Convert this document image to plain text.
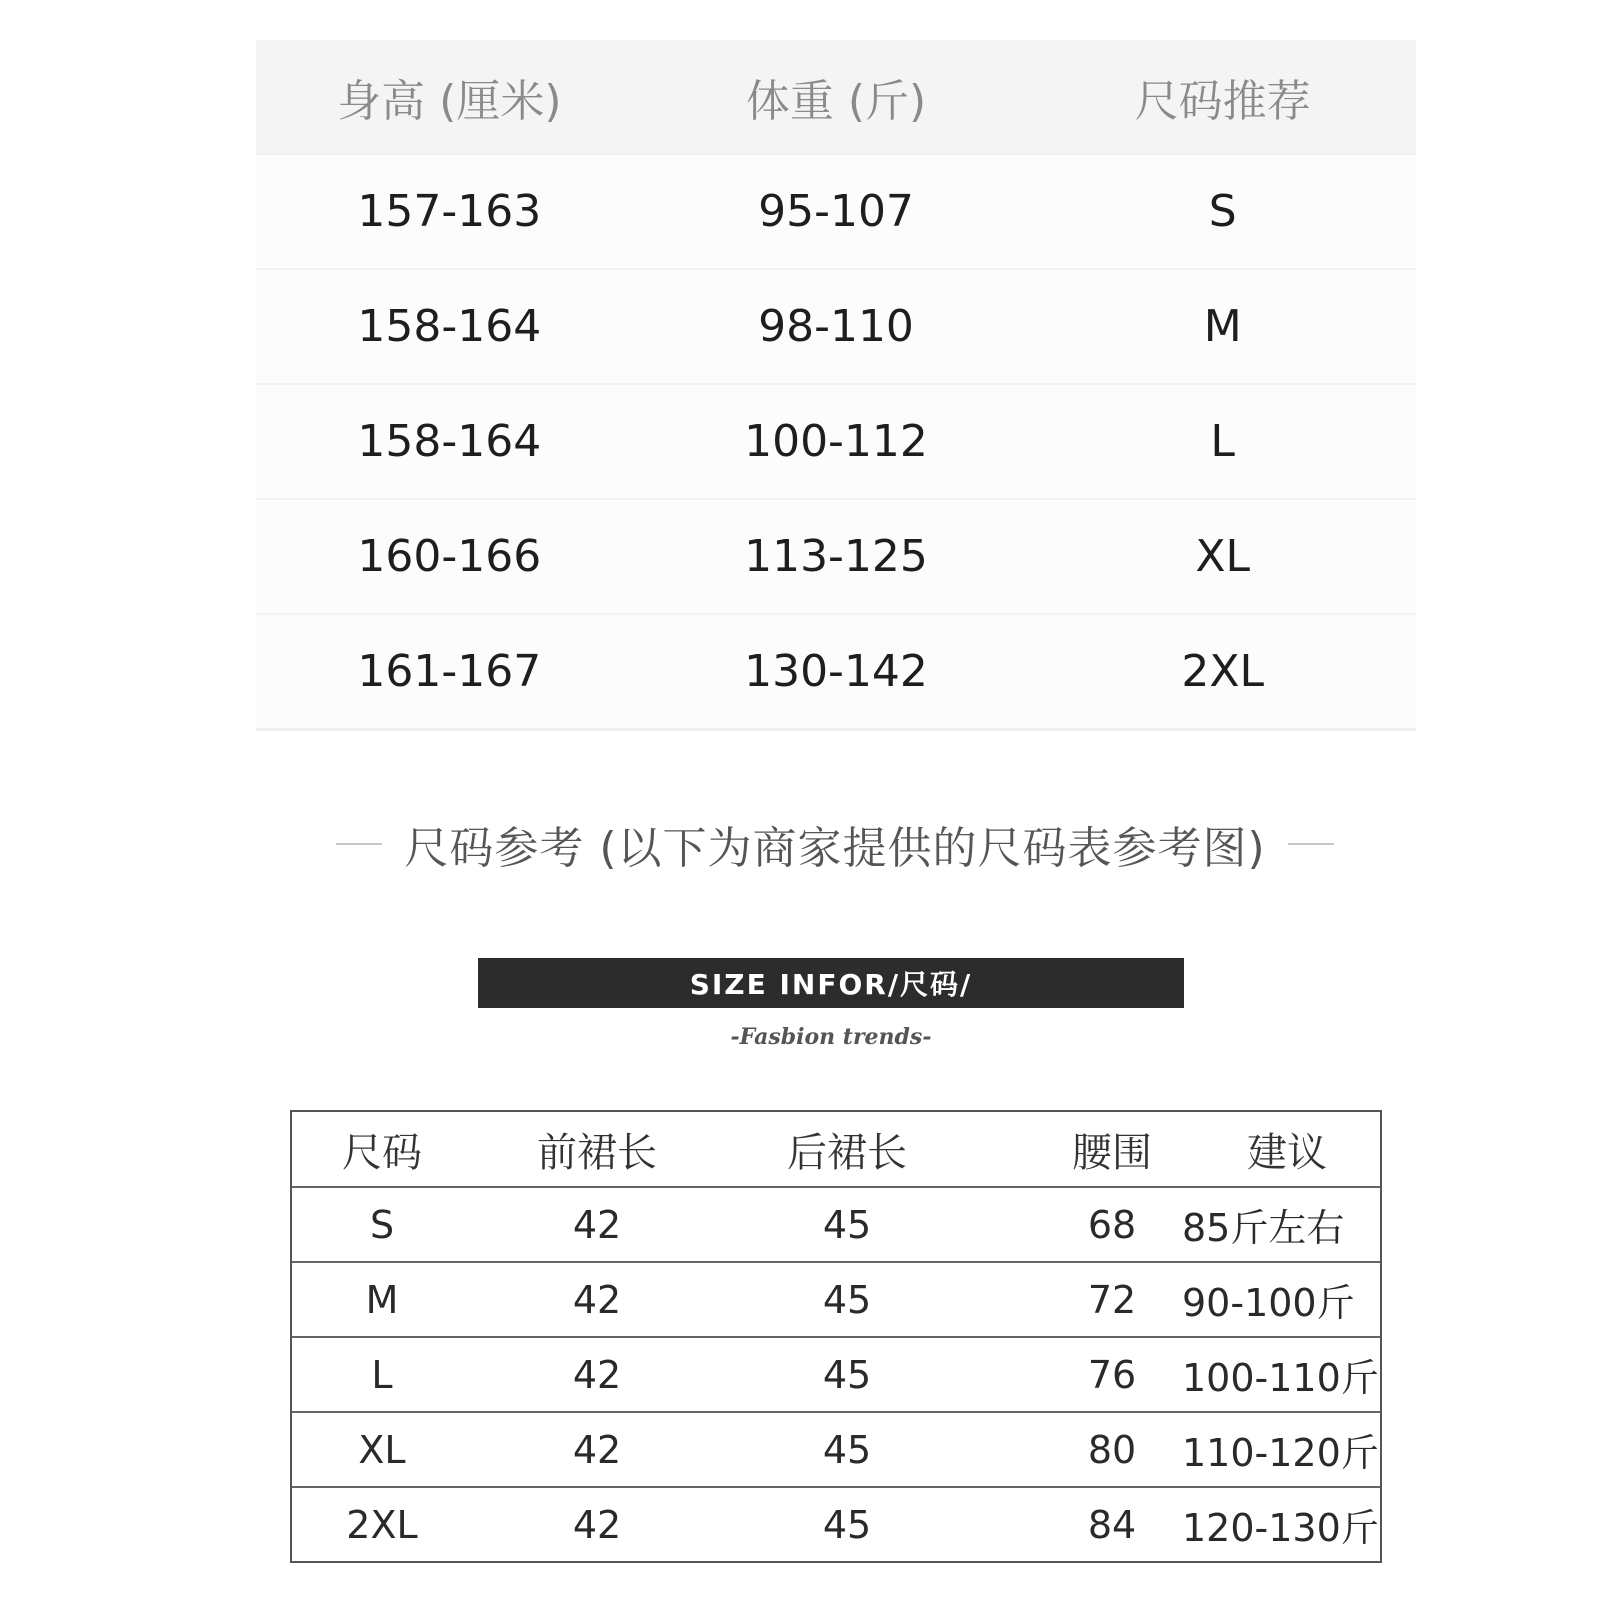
身高 (厘米)	体重 (斤)	尺码推荐
157-163	95-107	S
158-164	98-110	M
158-164	100-112	L
160-166	113-125	XL
161-167	130-142	2XL
尺码参考 (以下为商家提供的尺码表参考图)
SIZE INFOR/尺码/
-Fasbion trends-
尺码	前裙长	后裙长	腰围	建议
S	42	45	68	85斤左右
M	42	45	72	90-100斤
L	42	45	76	100-110斤
XL	42	45	80	110-120斤
2XL	42	45	84	120-130斤
